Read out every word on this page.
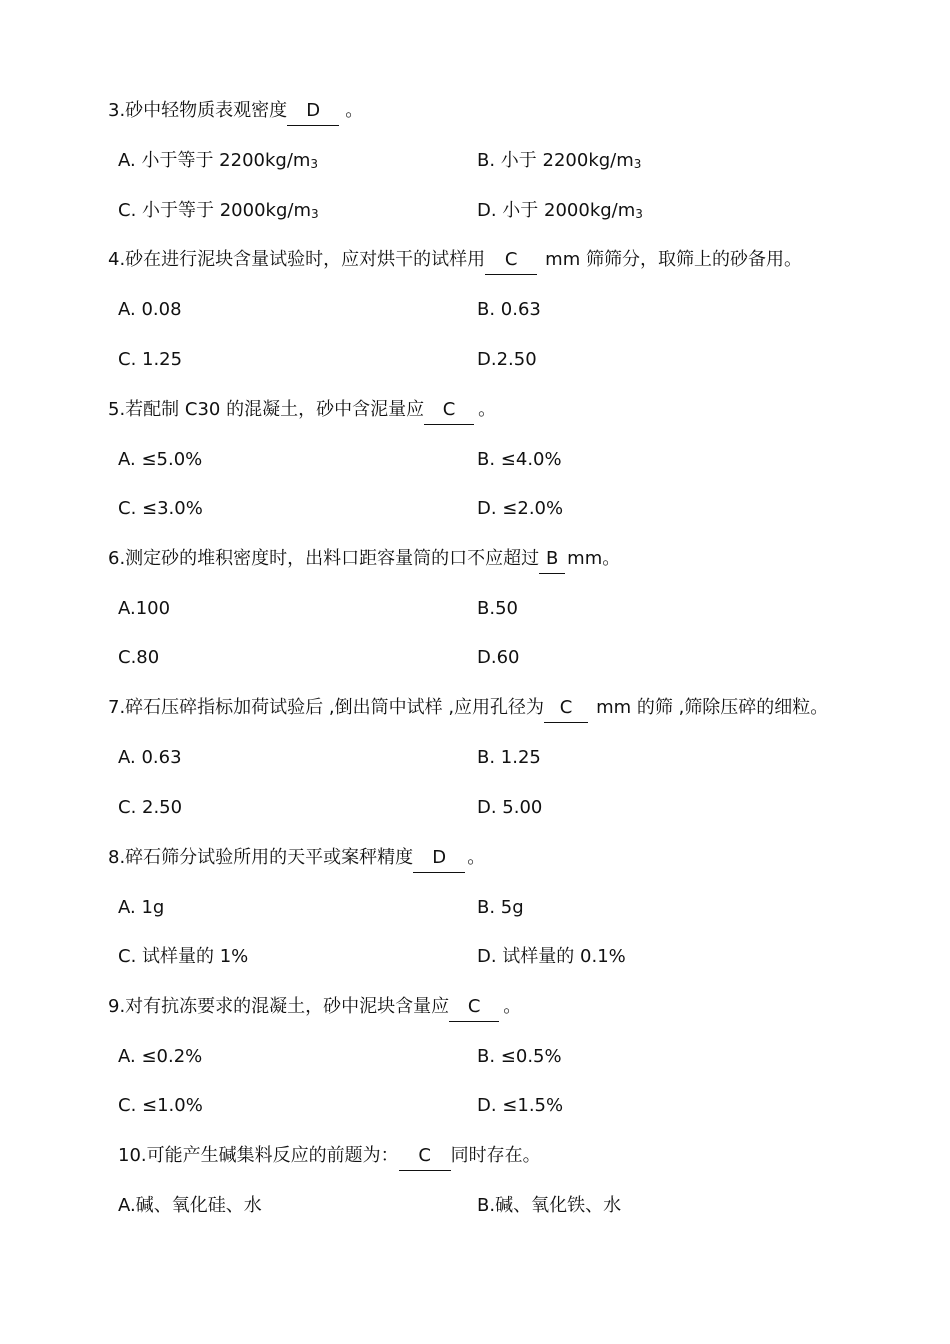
3.砂中轻物质表观密度 D 。
A. 小于等于 2200kg/m3	B. 小于 2200kg/m3
C. 小于等于 2000kg/m3	D. 小于 2000kg/m3
4.砂在进行泥块含量试验时，应对烘干的试样用 C mm 筛筛分，取筛上的砂备用。
A. 0.08	B. 0.63
C. 1.25	D.2.50
5.若配制 C30 的混凝土，砂中含泥量应 C 。
A. ≤5.0%	B. ≤4.0%
C. ≤3.0%	D. ≤2.0%
6.测定砂的堆积密度时，出料口距容量筒的口不应超过 B mm。
A.100	B.50
C.80	D.60
7.碎石压碎指标加荷试验后 ,倒出筒中试样 ,应用孔径为 C mm 的筛 ,筛除压碎的细粒。
A. 0.63	B. 1.25
C. 2.50	D. 5.00
8.碎石筛分试验所用的天平或案秤精度 D 。
A. 1g	B. 5g
C. 试样量的 1%	D. 试样量的 0.1%
9.对有抗冻要求的混凝土，砂中泥块含量应 C 。
A. ≤0.2%	B. ≤0.5%
C. ≤1.0%	D. ≤1.5%
10.可能产生碱集料反应的前题为： C 同时存在。
A.碱、氧化硅、水	B.碱、氧化铁、水
